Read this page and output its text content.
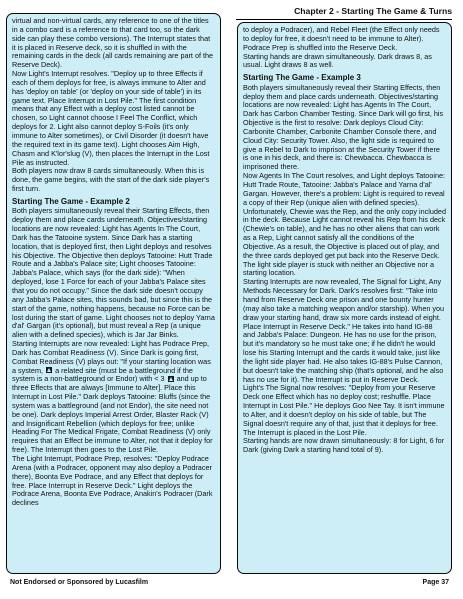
Chapter 2 - Starting The Game & Turns

virtual and non-virtual cards, any reference to one of the titles in a combo card is a reference to that card too, so the dark side can play these combo versions). The Interrupt states that it is placed in Reserve deck, so it is shuffled in with the remaining cards in the deck (all cards remaining are part of the Reserve Deck).

Now Light's Interrupt resolves. "Deploy up to three Effects if each of them deploys for free, is always immune to Alter and has 'deploy on table' (or 'deploy on your side of table') in its game text. Place Interrupt in Lost Pile." The first condition means that any Effect with a deploy cost listed cannot be chosen, so Light cannot choose I Feel The Conflict, which deploys for 2. Light also cannot deploy S-Foils (it's only immune to Alter sometimes), or Civil Disorder (it doesn't have the required text in its game text). Light chooses Aim High, Chasm and K'lor'slug (V), then places the Interrupt in the Lost Pile as instructed.

Both players now draw 8 cards simultaneously. When this is done, the game begins, with the start of the dark side player's first turn.

Starting The Game - Example 2

Both players simultaneously reveal their Starting Effects, then deploy them and place cards underneath. Objectives/starting locations are now revealed: Light has Agents In The Court, Dark has the Tatooine system. Since Dark has a starting location, that is deployed first, then Light deploys and resolves his Objective. The Objective then deploys Tatooine: Hutt Trade Route and a Jabba's Palace site; Light chooses Tatooine: Jabba's Palace, which says (for the dark side): "When deployed, lose 1 Force for each of your Jabba's Palace sites that you do not occupy." Since the dark side doesn't occupy any Jabba's Palace sites, this sounds bad, but since this is the start of the game, nothing happens, because no Force can be lost during the start of game. Light chooses not to deploy Yarna d'al' Gargan (it's optional), but must reveal a Rep (a unique alien with a defined species), which is Jar Jar Binks.

Starting Interrupts are now revealed: Light has Podrace Prep, Dark has Combat Readiness (V). Since Dark is going first, Combat Readiness (V) plays out: "If your starting location was a system, a related site (must be a battleground if the system is a non-battleground or Endor) with < 3 and up to three Effects that are always [Immune to Alter]. Place this Interrupt in Lost Pile." Dark deploys Tatooine: Bluffs (since the system was a battleground (and not Endor), the site need not be one). Dark deploys Imperial Arrest Order, Blaster Rack (V) and Insignificant Rebellion (which deploys for free; unlike Heading For The Medical Frigate, Combat Readiness (V) only requires that an Effect be immune to Alter, not that it deploy for free). The Interrupt then goes to the Lost Pile.

The Light Interrupt, Podrace Prep, resolves: "Deploy Podrace Arena (with a Podracer, opponent may also deploy a Podracer there), Boonta Eve Podrace, and any Effect that deploys for free. Place Interrupt in Reserve Deck." Light deploys the Podrace Arena, Boonta Eve Podrace, Anakin's Podracer (Dark declines

to deploy a Podracer), and Rebel Fleet (the Effect only needs to deploy for free, it doesn't need to be immune to Alter). Podrace Prep is shuffled into the Reserve Deck.

Starting hands are drawn simultaneously. Dark draws 8, as usual. Light draws 8 as well.

Starting The Game - Example 3

Both players simultaneously reveal their Starting Effects, then deploy them and place cards underneath. Objectives/starting locations are now revealed: Light has Agents In The Court, Dark has Carbon Chamber Testing. Since Dark will go first, his Objective is the first to resolve: Dark deploys Cloud City: Carbonite Chamber, Carbonite Chamber Console there, and Cloud City: Security Tower. Also, the light side is required to give a Rebel to Dark to imprison at the Security Tower if there is one in his deck, and there is: Chewbacca. Chewbacca is imprisoned there.

Now Agents In The Court resolves, and Light deploys Tatooine: Hutt Trade Route, Tatooine: Jabba's Palace and Yarna d'al' Gargan. However, there's a problem: Light is required to reveal a copy of their Rep (unique alien with defined species). Unfortunately, Chewie was the Rep, and the only copy included in the deck. Because Light cannot reveal his Rep from his deck (Chewie's on table), and he has no other aliens that can work as a Rep, Light cannot satisfy all the conditions of the Objective. As a result, the Objective is placed out of play, and the three cards deployed get put back into the Reserve Deck. The light side player is stuck with neither an Objective nor a starting location.

Starting Interrupts are now revealed, The Signal for Light, Any Methods Necessary for Dark. Dark's resolves first: "Take into hand from Reserve Deck one prison and one bounty hunter (may also take a matching weapon and/or starship). When you draw your starting hand, draw six more cards instead of eight. Place Interrupt in Reserve Deck." He takes into hand IG-88 and Jabba's Palace: Dungeon. He has no use for the prison, but it's mandatory so he must take one; if he didn't he would lose his Starting Interrupt and the cards it would take, just like the light side player had. He also takes IG-88's Pulse Cannon, but doesn't take the matching ship (that's optional, and he also has no use for it). The Interrupt is put in Reserve Deck.

Light's The Signal now resolves: "Deploy from your Reserve Deck one Effect which has no deploy cost; reshuffle. Place Interrupt in Lost Pile." He deploys Goo Nee Tay. It isn't immune to Alter, and it doesn't deploy on his side of table, but The Signal doesn't require any of that, just that it deploys for free. The Interrupt is placed in the Lost Pile.

Starting hands are now drawn simultaneously: 8 for Light, 6 for Dark (giving Dark a starting hand total of 9).

Not Endorsed or Sponsored by Lucasfilm	Page 37
